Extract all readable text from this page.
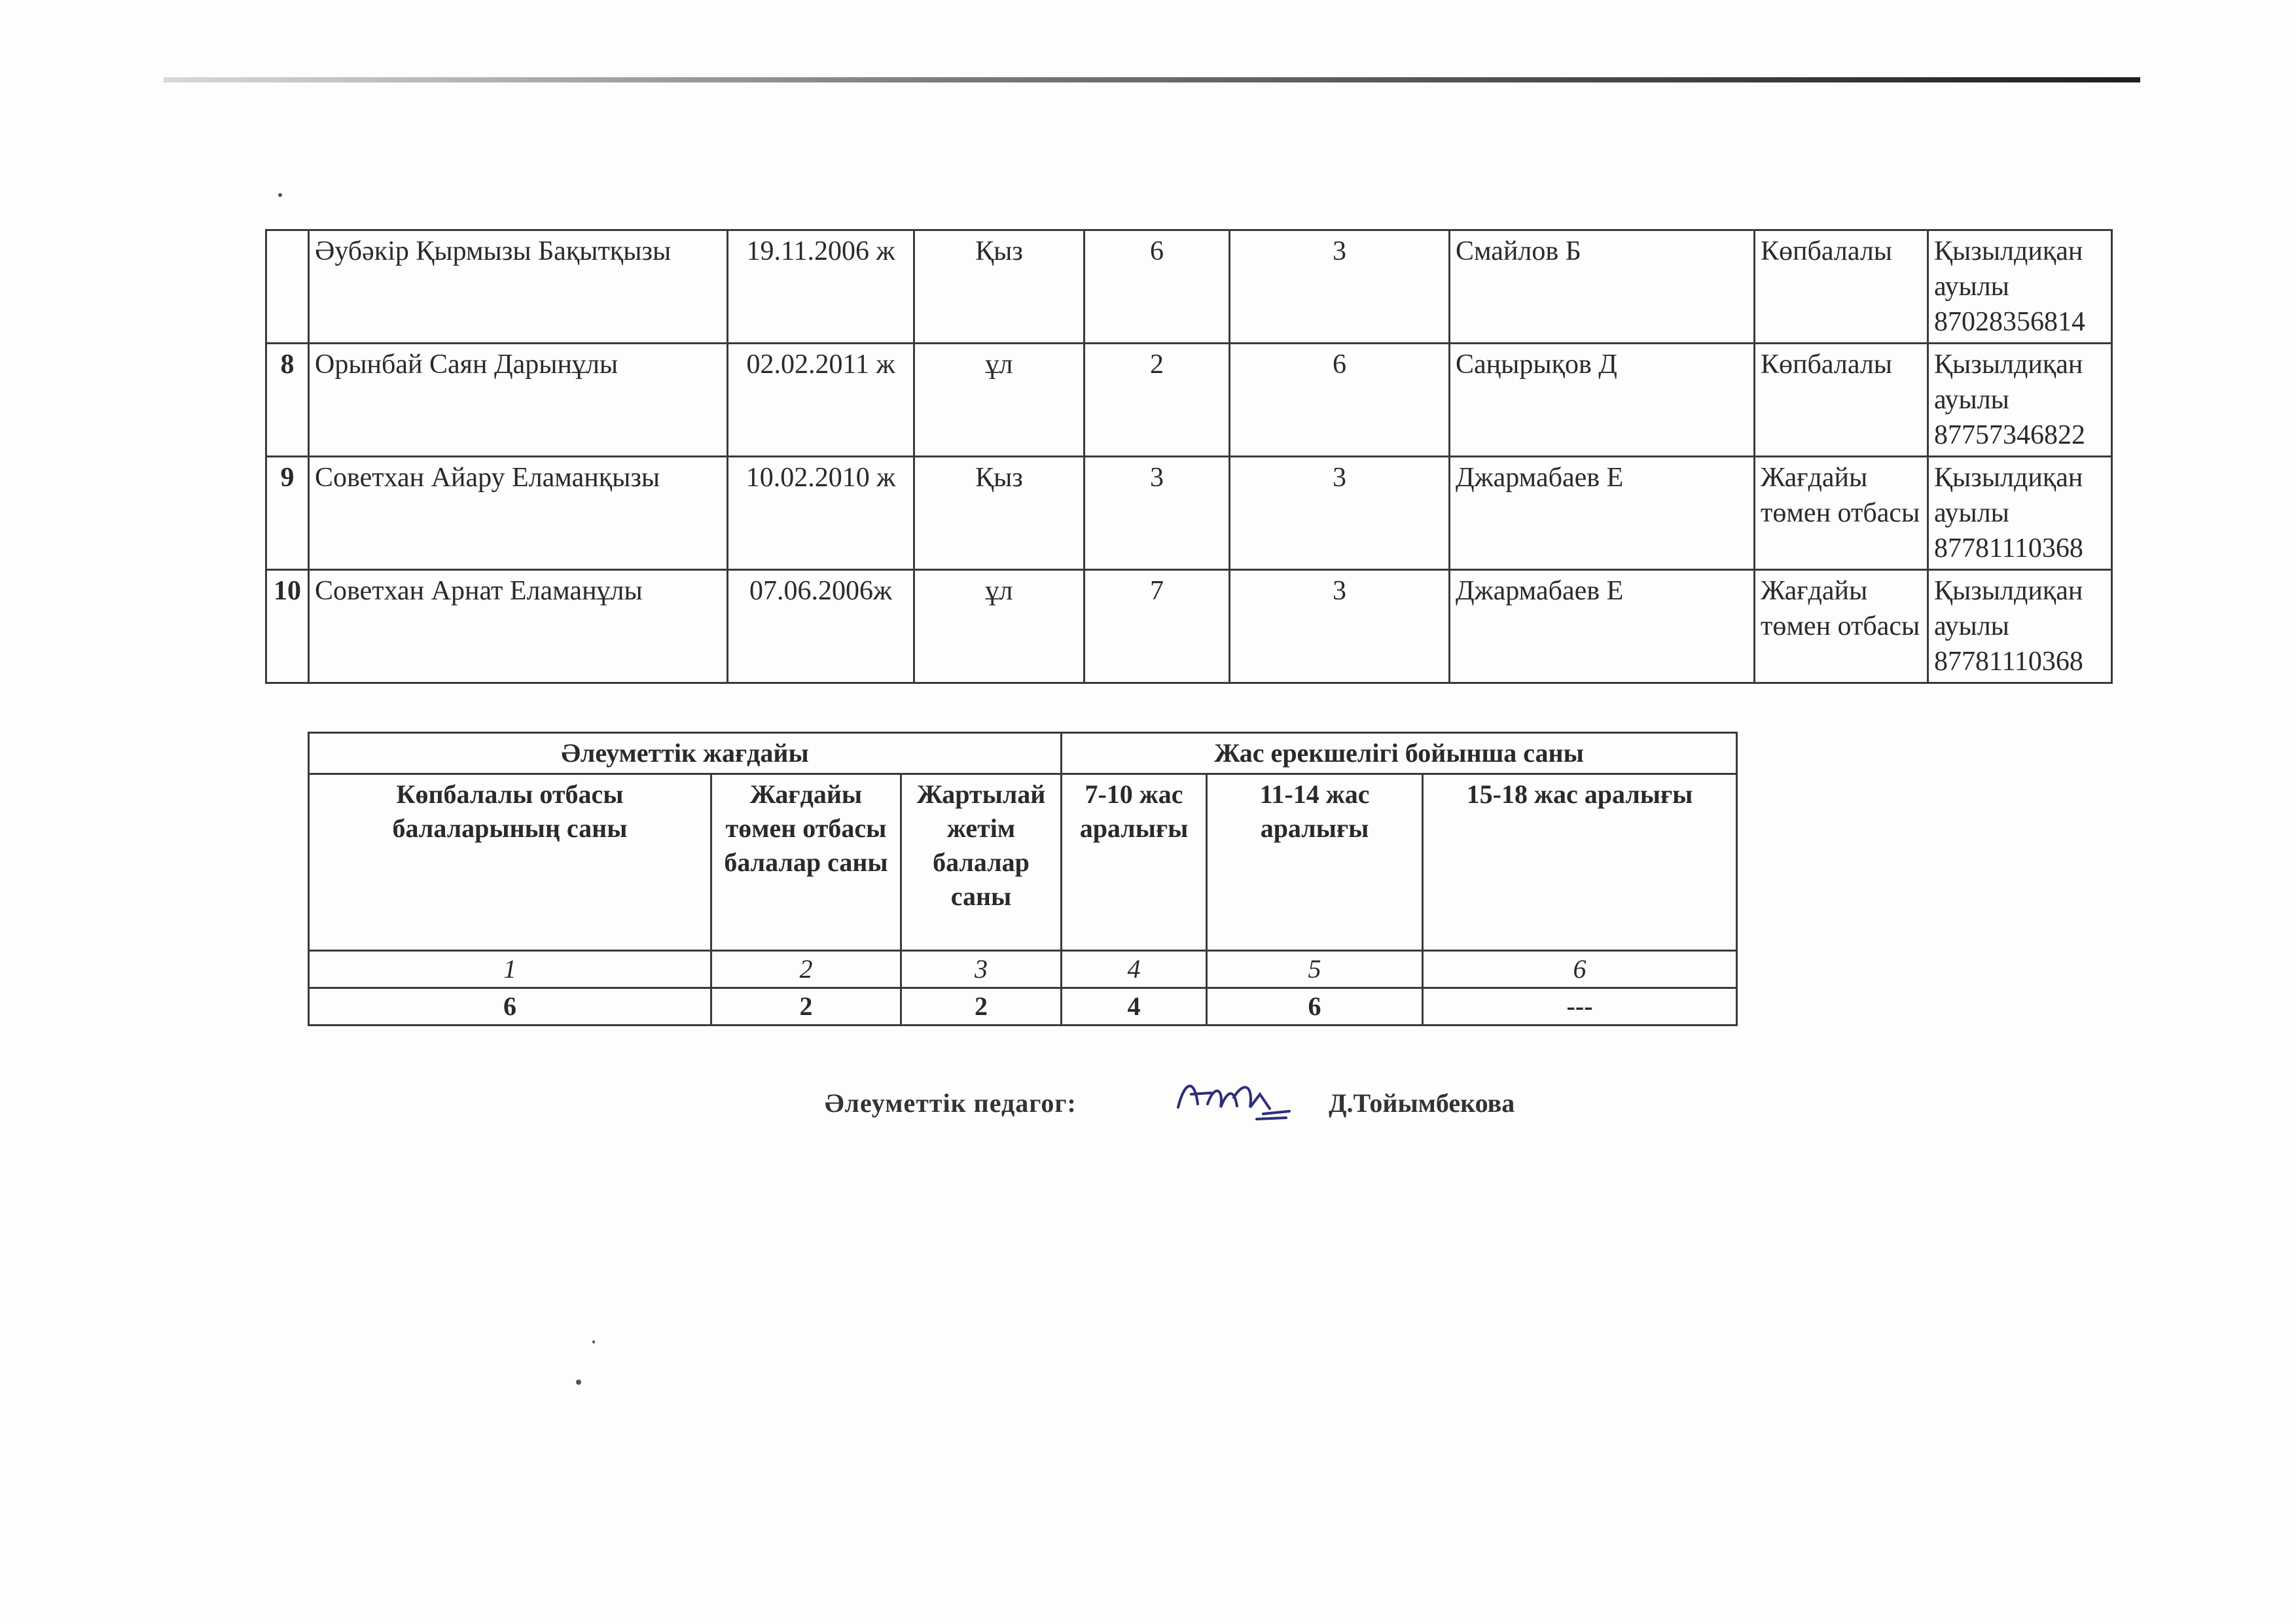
	Әубәкір Қырмызы Бақытқызы	19.11.2006 ж	Қыз	6	3	Смайлов Б	Көпбалалы	Қызылдиқан
ауылы
87028356814

8	Орынбай Саян Дарынұлы	02.02.2011 ж	ұл	2	6	Саңырықов Д	Көпбалалы	Қызылдиқан
ауылы
87757346822

9	Советхан Айару Еламанқызы	10.02.2010 ж	Қыз	3	3	Джармабаев Е	Жағдайы төмен отбасы	Қызылдиқан
ауылы
87781110368

10	Советхан Арнат Еламанұлы	07.06.2006ж	ұл	7	3	Джармабаев Е	Жағдайы төмен отбасы	Қызылдиқан
ауылы
87781110368
Әлеуметтік жағдайы			Жас ерекшелігі бойынша саны		
Көпбалалы отбасы балаларының саны	Жағдайы төмен отбасы балалар саны	Жартылай жетім балалар саны	7-10 жас аралығы	11-14 жас аралығы	15-18 жас аралығы
1	2	3	4	5	6
6	2	2	4	6	---
Әлеуметтік педагог:	Д.Тойымбекова
